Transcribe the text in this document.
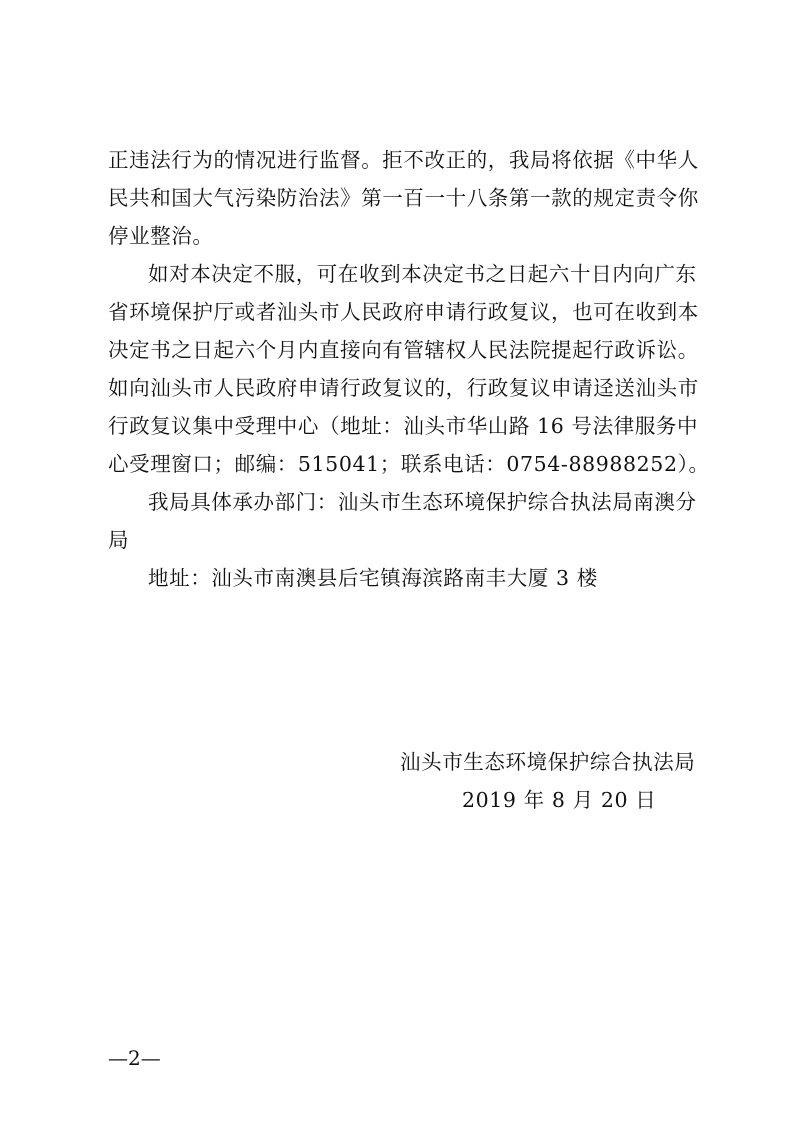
正违法行为的情况进行监督。拒不改正的，我局将依据《中华人
民共和国大气污染防治法》第一百一十八条第一款的规定责令你
停业整治。
如对本决定不服，可在收到本决定书之日起六十日内向广东
省环境保护厅或者汕头市人民政府申请行政复议，也可在收到本
决定书之日起六个月内直接向有管辖权人民法院提起行政诉讼。
如向汕头市人民政府申请行政复议的，行政复议申请迳送汕头市
行政复议集中受理中心（地址：汕头市华山路 16 号法律服务中
心受理窗口；邮编：515041；联系电话：0754-88988252）。
我局具体承办部门：汕头市生态环境保护综合执法局南澳分
局
地址：汕头市南澳县后宅镇海滨路南丰大厦 3 楼
汕头市生态环境保护综合执法局
2019 年 8 月 20 日
—2—
